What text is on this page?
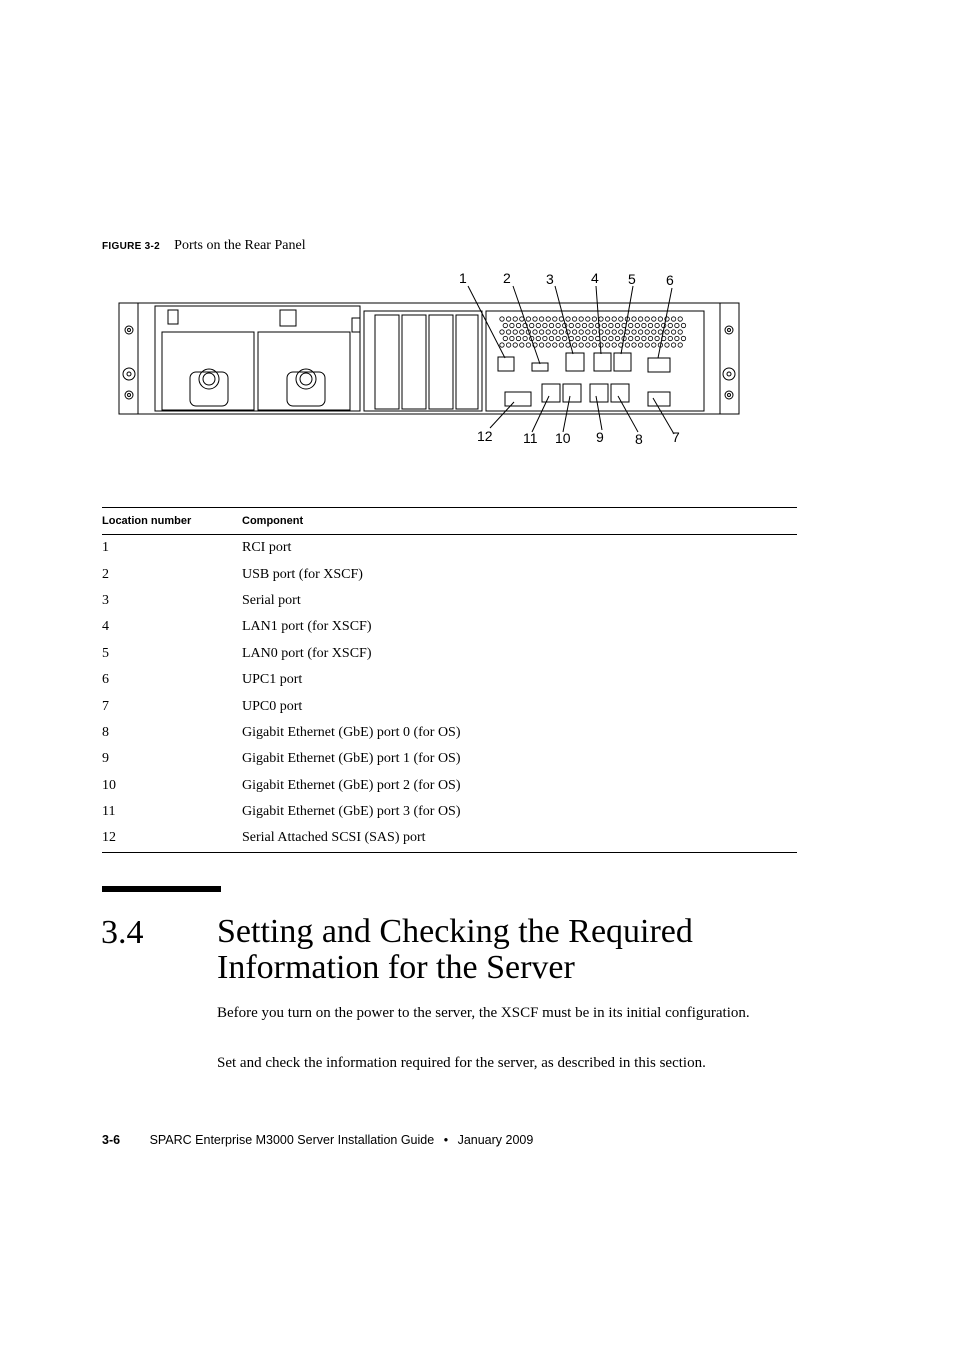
FIGURE 3-2 Ports on the Rear Panel
1	2	3	4 5 6
7
8
9
10
11
12
Location number	Component
1	RCI port
2	USB port (for XSCF)
3	Serial port
4	LAN1 port (for XSCF)
5	LAN0 port (for XSCF)
6	UPC1 port
7	UPC0 port
8	Gigabit Ethernet (GbE) port 0 (for OS)
9	Gigabit Ethernet (GbE) port 1 (for OS)
10	Gigabit Ethernet (GbE) port 2 (for OS)
11	Gigabit Ethernet (GbE) port 3 (for OS)
12	Serial Attached SCSI (SAS) port
3.4 Setting and Checking the Required
Information for the Server
Before you turn on the power to the server, the XSCF must be in its initial configuration.
Set and check the information required for the server, as described in this section.
3-6 SPARC Enterprise M3000 Server Installation Guide • January 2009
